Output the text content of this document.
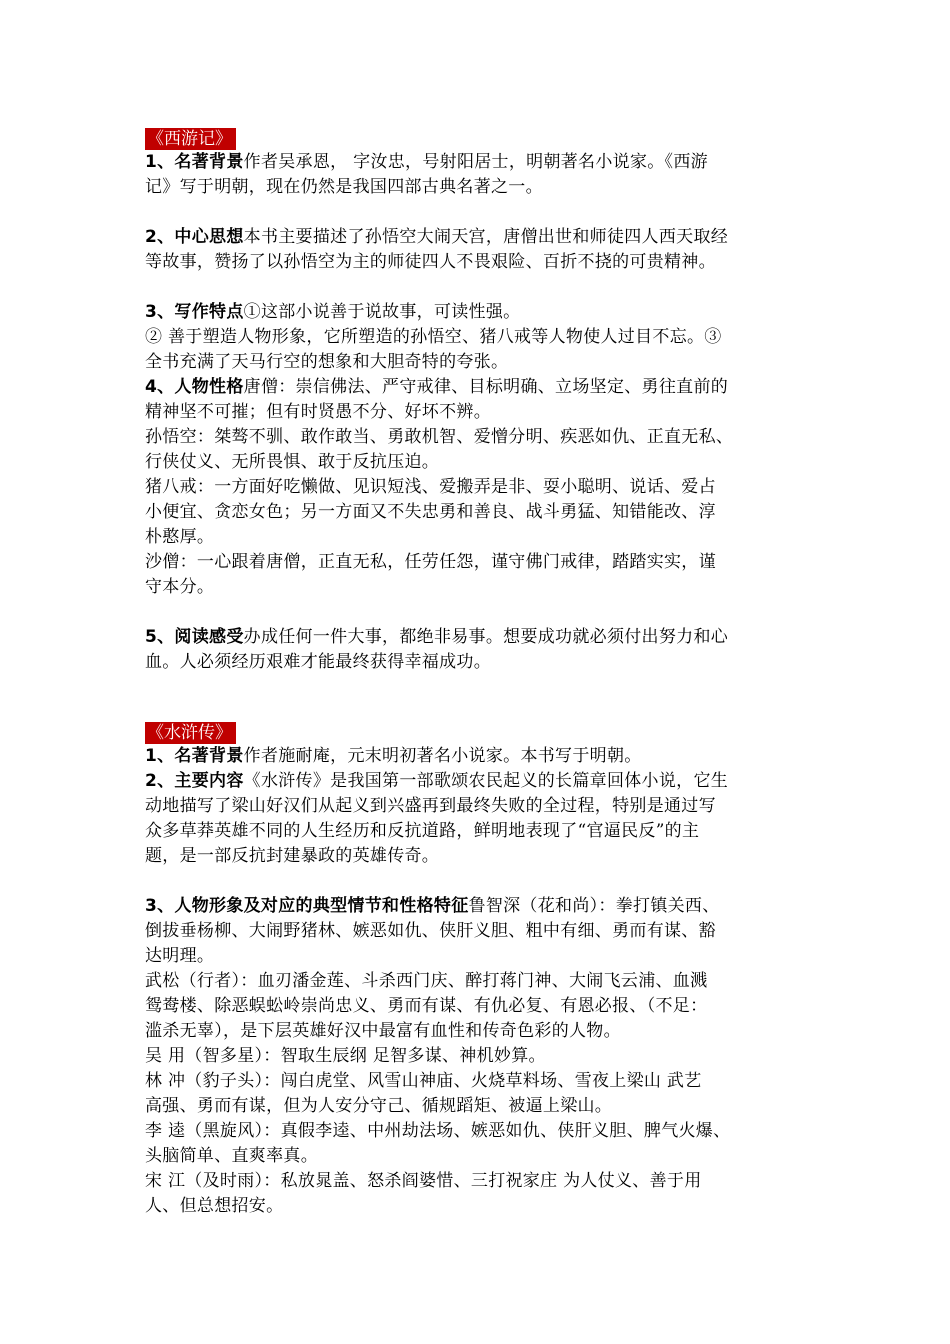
《西游记》
1、名著背景作者吴承恩， 字汝忠，号射阳居士，明朝著名小说家。《西游
记》写于明朝，现在仍然是我国四部古典名著之一。
2、中心思想本书主要描述了孙悟空大闹天宫，唐僧出世和师徒四人西天取经
等故事，赞扬了以孙悟空为主的师徒四人不畏艰险、百折不挠的可贵精神。
3、写作特点①这部小说善于说故事，可读性强。
② 善于塑造人物形象，它所塑造的孙悟空、猪八戒等人物使人过目不忘。③
全书充满了天马行空的想象和大胆奇特的夸张。
4、人物性格唐僧：崇信佛法、严守戒律、目标明确、立场坚定、勇往直前的
精神坚不可摧；但有时贤愚不分、好坏不辨。
孙悟空：桀骜不驯、敢作敢当、勇敢机智、爱憎分明、疾恶如仇、正直无私、
行侠仗义、无所畏惧、敢于反抗压迫。
猪八戒：一方面好吃懒做、见识短浅、爱搬弄是非、耍小聪明、说话、爱占
小便宜、贪恋女色；另一方面又不失忠勇和善良、战斗勇猛、知错能改、淳
朴憨厚。
沙僧：一心跟着唐僧，正直无私，任劳任怨，谨守佛门戒律，踏踏实实，谨
守本分。
5、阅读感受办成任何一件大事，都绝非易事。想要成功就必须付出努力和心
血。人必须经历艰难才能最终获得幸福成功。
《水浒传》
1、名著背景作者施耐庵，元末明初著名小说家。本书写于明朝。
2、主要内容《水浒传》是我国第一部歌颂农民起义的长篇章回体小说，它生
动地描写了梁山好汉们从起义到兴盛再到最终失败的全过程，特别是通过写
众多草莽英雄不同的人生经历和反抗道路，鲜明地表现了“官逼民反”的主
题，是一部反抗封建暴政的英雄传奇。
3、人物形象及对应的典型情节和性格特征鲁智深（花和尚）：拳打镇关西、
倒拔垂杨柳、大闹野猪林、嫉恶如仇、侠肝义胆、粗中有细、勇而有谋、豁
达明理。
武松（行者）：血刃潘金莲、斗杀西门庆、醉打蒋门神、大闹飞云浦、血溅
鸳鸯楼、除恶蜈蚣岭崇尚忠义、勇而有谋、有仇必复、有恩必报、（不足：
滥杀无辜），是下层英雄好汉中最富有血性和传奇色彩的人物。
吴 用（智多星）：智取生辰纲 足智多谋、神机妙算。
林 冲（豹子头）：闯白虎堂、风雪山神庙、火烧草料场、雪夜上梁山 武艺
高强、勇而有谋，但为人安分守己、循规蹈矩、被逼上梁山。
李 逵（黑旋风）：真假李逵、中州劫法场、嫉恶如仇、侠肝义胆、脾气火爆、
头脑简单、直爽率真。
宋 江（及时雨）：私放晁盖、怒杀阎婆惜、三打祝家庄 为人仗义、善于用
人、但总想招安。
